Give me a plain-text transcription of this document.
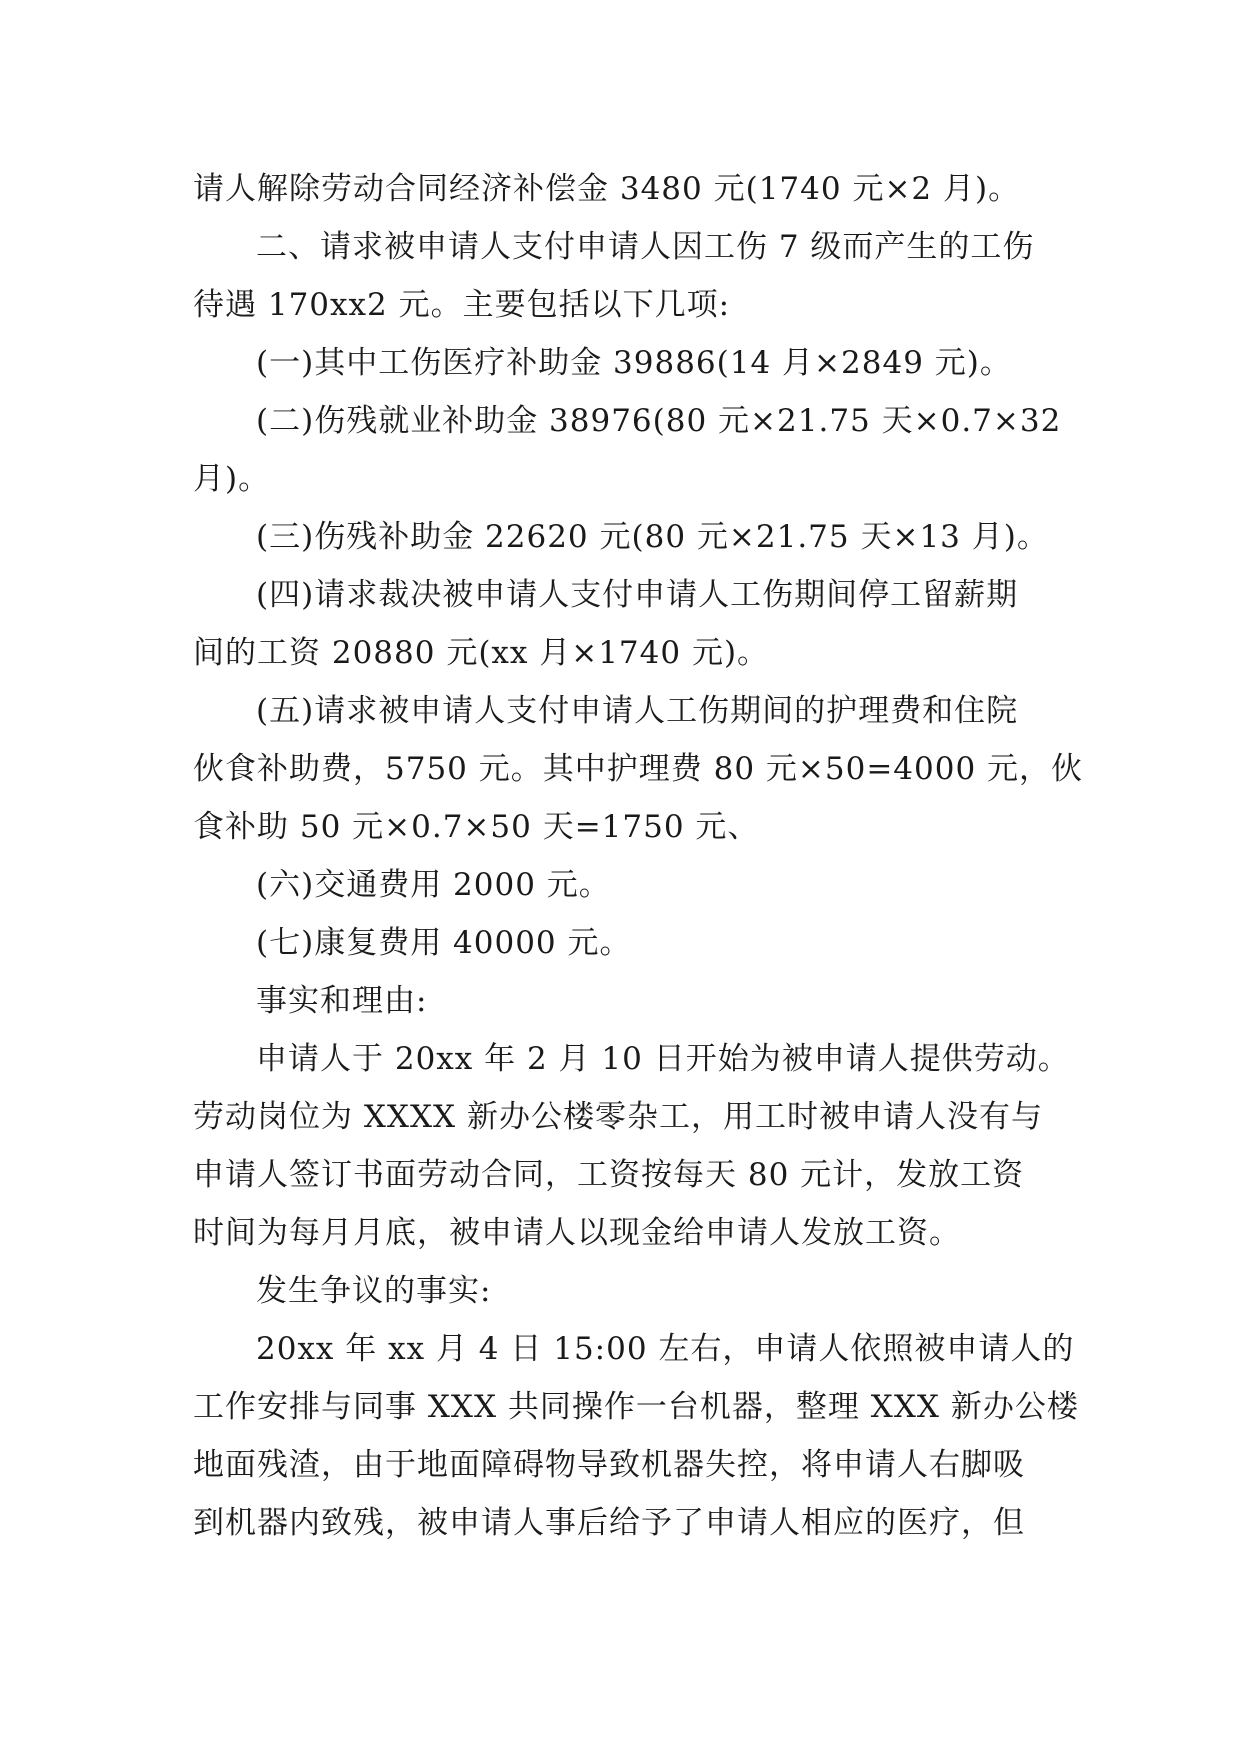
请人解除劳动合同经济补偿金 3480 元(1740 元×2 月)。
二、请求被申请人支付申请人因工伤 7 级而产生的工伤
待遇 170xx2 元。主要包括以下几项:
(一)其中工伤医疗补助金 39886(14 月×2849 元)。
(二)伤残就业补助金 38976(80 元×21.75 天×0.7×32
月)。
(三)伤残补助金 22620 元(80 元×21.75 天×13 月)。
(四)请求裁决被申请人支付申请人工伤期间停工留薪期
间的工资 20880 元(xx 月×1740 元)。
(五)请求被申请人支付申请人工伤期间的护理费和住院
伙食补助费，5750 元。其中护理费 80 元×50=4000 元，伙
食补助 50 元×0.7×50 天=1750 元、
(六)交通费用 2000 元。
(七)康复费用 40000 元。
事实和理由:
申请人于 20xx 年 2 月 10 日开始为被申请人提供劳动。
劳动岗位为 XXXX 新办公楼零杂工，用工时被申请人没有与
申请人签订书面劳动合同，工资按每天 80 元计，发放工资
时间为每月月底，被申请人以现金给申请人发放工资。
发生争议的事实:
20xx 年 xx 月 4 日 15:00 左右，申请人依照被申请人的
工作安排与同事 XXX 共同操作一台机器，整理 XXX 新办公楼
地面残渣，由于地面障碍物导致机器失控，将申请人右脚吸
到机器内致残，被申请人事后给予了申请人相应的医疗，但
